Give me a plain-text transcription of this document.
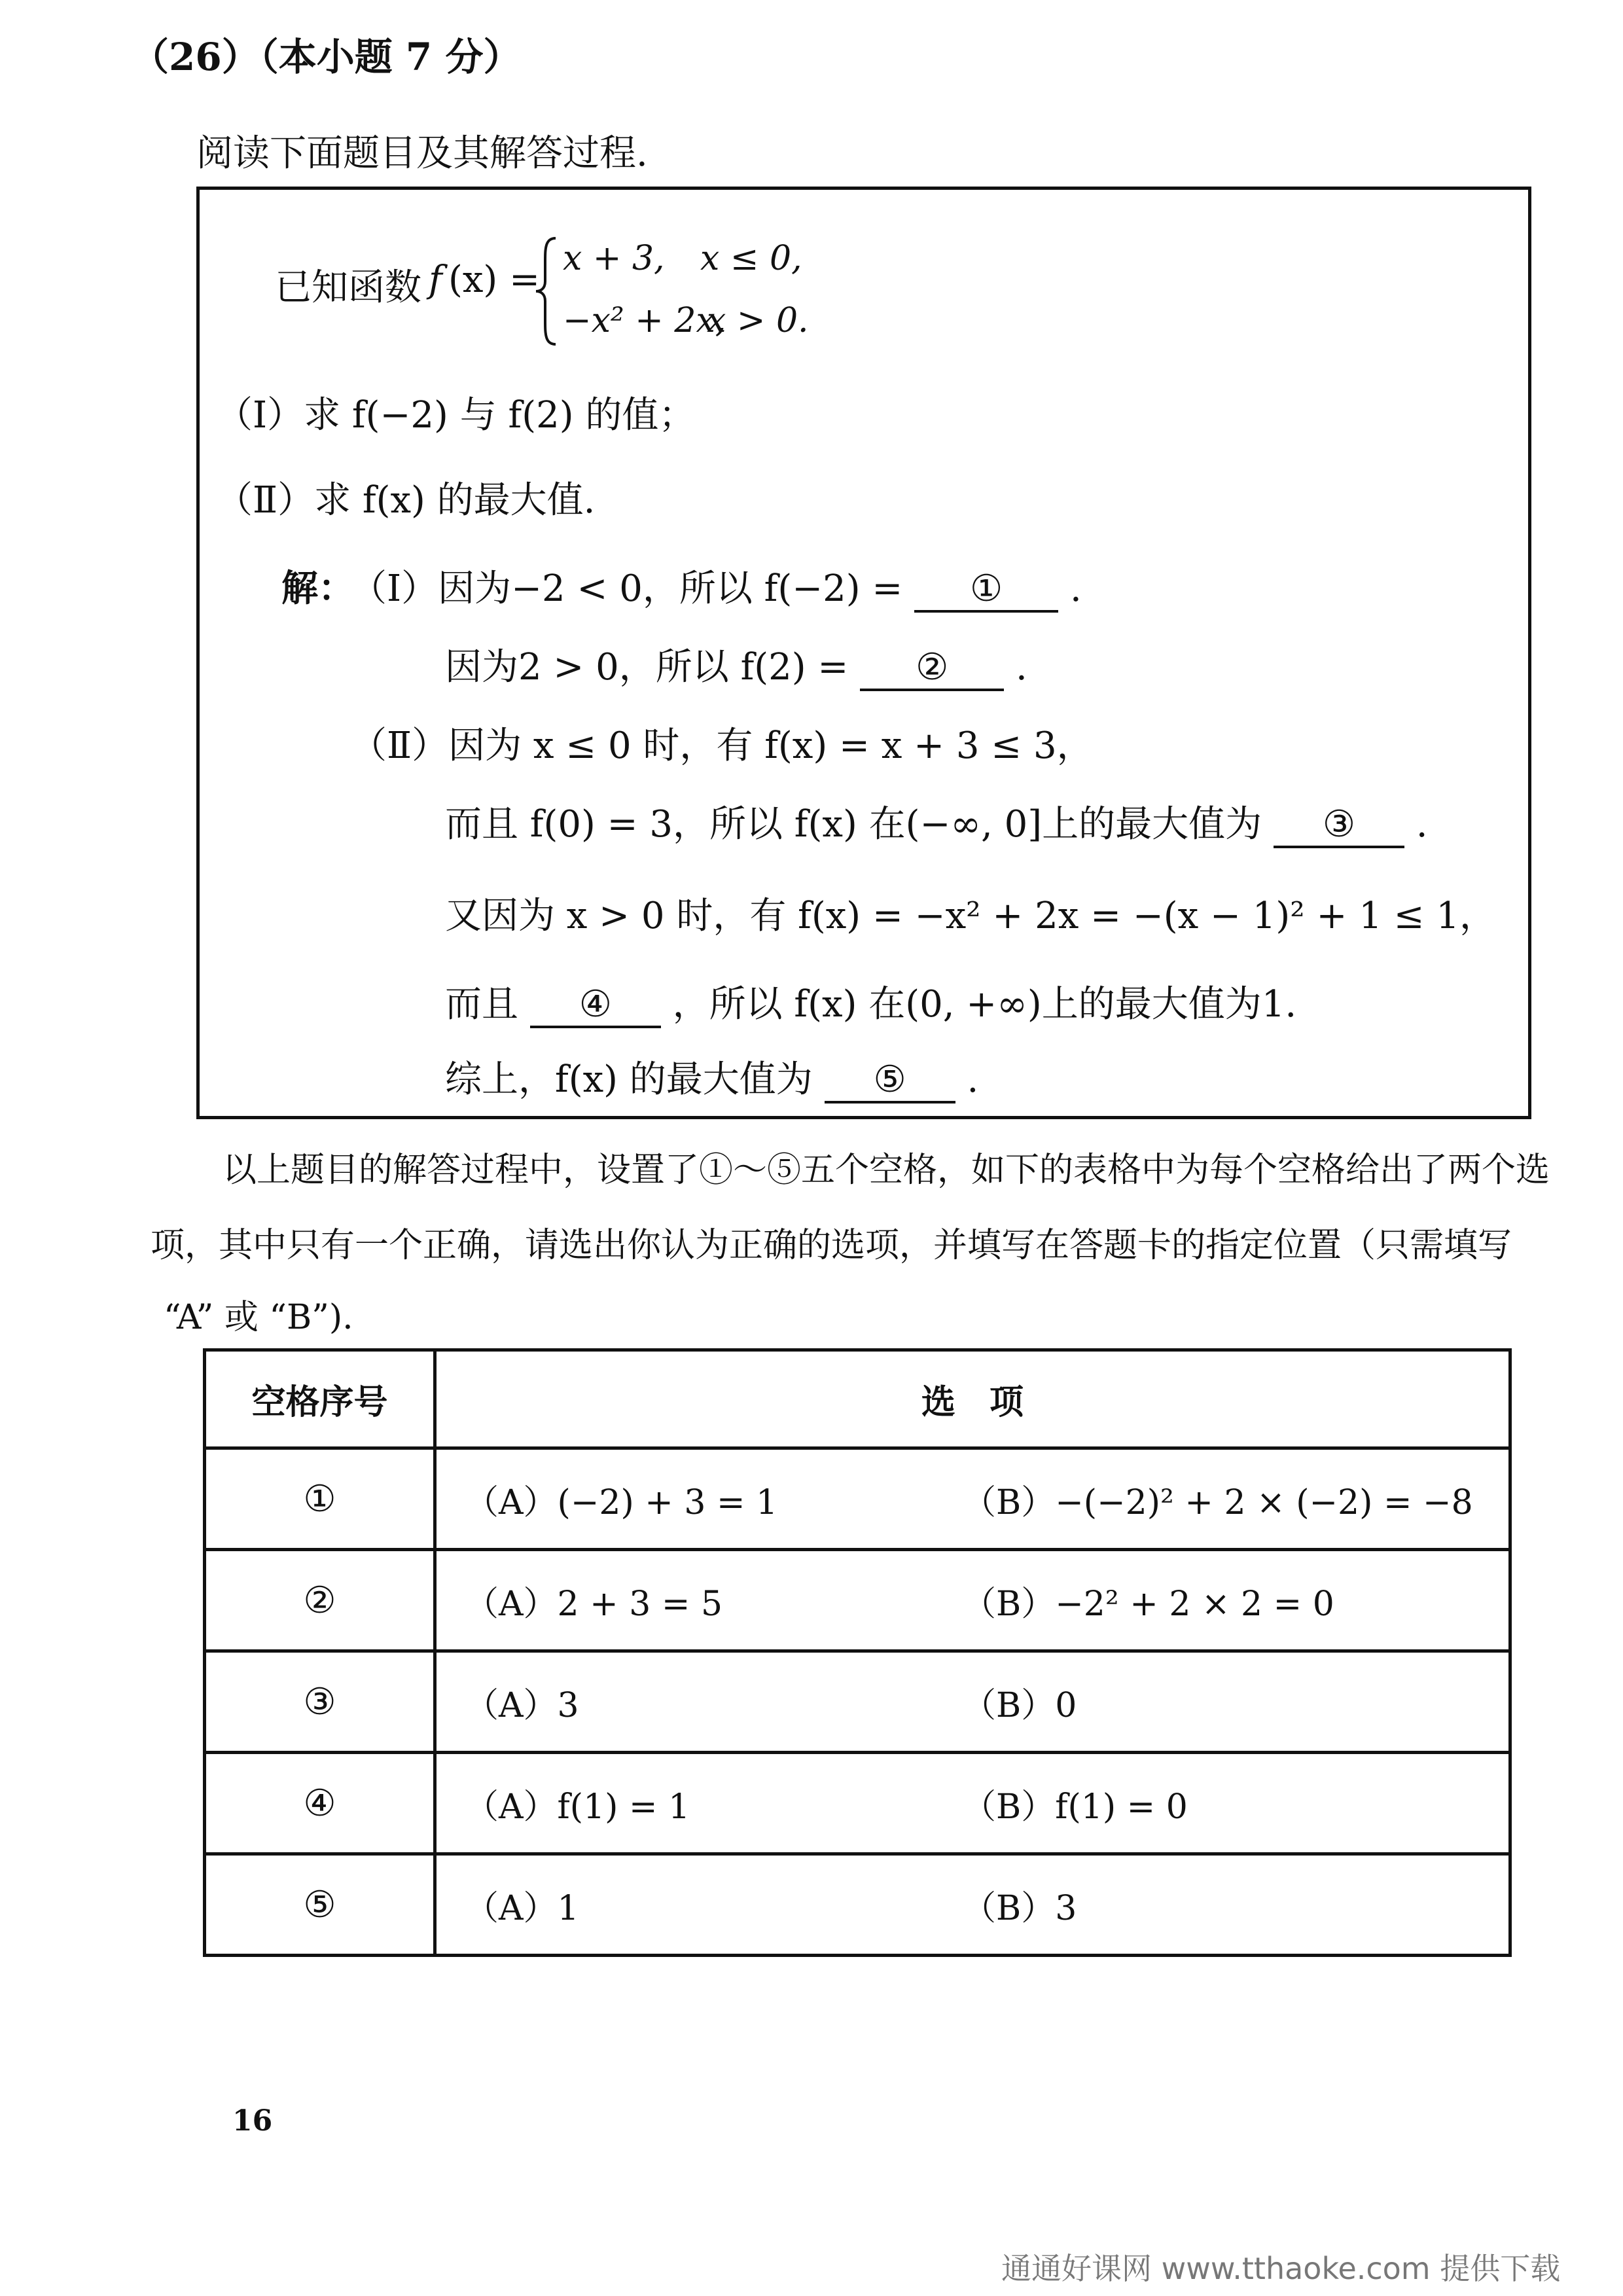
（26）（本小题 7 分）
阅读下面题目及其解答过程.
已知函数 f (x) = x + 3, x ≤ 0,
−x² + 2x,
x > 0.
（Ⅰ）求 f(−2) 与 f(2) 的值；
（Ⅱ）求 f(x) 的最大值.
解：
（Ⅰ）因为−2 < 0，所以 f(−2) = ① .
因为2 > 0，所以 f(2) = ② .
（Ⅱ）因为 x ≤ 0 时，有 f(x) = x + 3 ≤ 3，
而且 f(0) = 3，所以 f(x) 在(−∞, 0]上的最大值为 ③ .
又因为 x > 0 时，有 f(x) = −x² + 2x = −(x − 1)² + 1 ≤ 1，
而且 ④ ，所以 f(x) 在(0, +∞)上的最大值为1.
综上，f(x) 的最大值为 ⑤ .
以上题目的解答过程中，设置了①～⑤五个空格，如下的表格中为每个空格给出了两个选
项，其中只有一个正确，请选出你认为正确的选项，并填写在答题卡的指定位置（只需填写
“A” 或 “B”).
空格序号	选　项
①	（A）(−2) + 3 = 1	（B）−(−2)² + 2 × (−2) = −8
②	（A）2 + 3 = 5	（B）−2² + 2 × 2 = 0
③	（A）3	（B）0
④	（A）f(1) = 1	（B）f(1) = 0
⑤	（A）1	（B）3
16
通通好课网 www.tthaoke.com 提供下载
